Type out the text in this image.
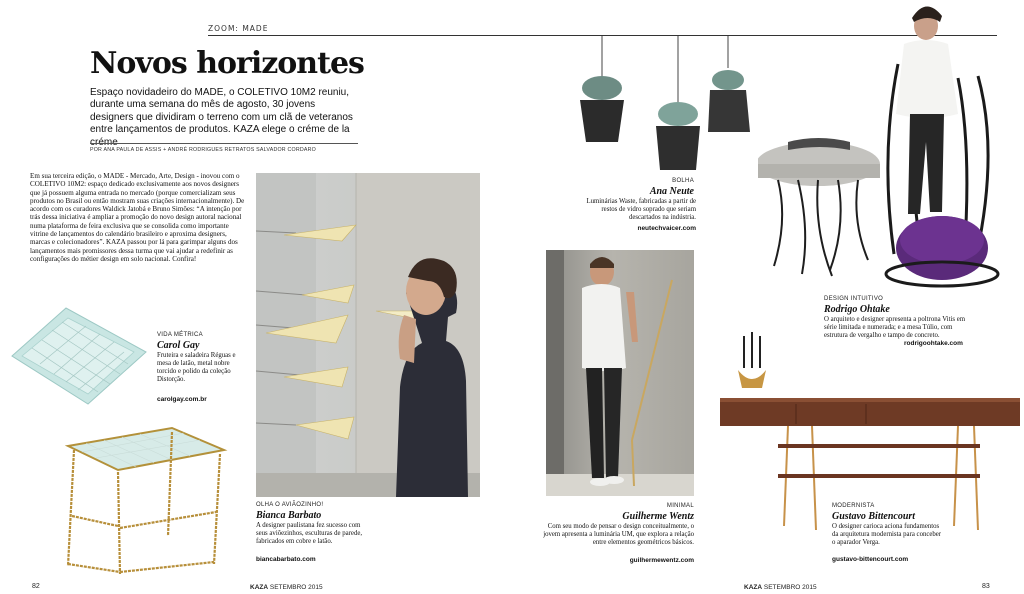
ZOOM: MADE
Novos horizontes
Espaço novidadeiro do MADE, o COLETIVO 10M2 reuniu, durante uma semana do mês de agosto, 30 jovens designers que dividiram o terreno com um clã de veteranos entre lançamentos de produtos. KAZA elege o créme de la
POR ANA PAULA DE ASSIS + ANDRÉ RODRIGUES RETRATOS SALVADOR CORDARO
Em sua terceira edição, o MADE - Mercado, Arte, Design - inovou com o COLETIVO 10M2: espaço dedicado exclusivamente aos novos designers que já possuem alguma entrada no mercado (porque comercializam seus produtos no Brasil ou então mostram suas criações internacionalmente). De acordo com os curadores Waldick Jatobá e Bruno Simões: “A intenção por trás dessa iniciativa é ampliar a promoção do novo design autoral nacional numa plataforma de feira exclusiva que se consolida como importante vitrine de lançamentos do calendário brasileiro e aproxima designers, marcas e colecionadores”. KAZA passou por lá para garimpar alguns dos lançamentos mais promissores dessa turma que vai ajudar a redefinir as configurações do métier design em solo nacional. Confira!
VIDA MÉTRICA
Carol Gay
Fruteira e saladeira Réguas e mesa de latão, metal nobre torcido e polido da coleção Distorção.
carolgay.com.br
OLHA O AVIÃOZINHO!
Bianca Barbato
A designer paulistana fez sucesso com seus aviõezinhos, esculturas de parede, fabricados em cobre e latão.
biancabarbato.com
82	KAZA SETEMBRO 2015
BOLHA
Ana Neute
Luminárias Waste, fabricadas a partir de restos de vidro soprado que seriam descartados na indústria.
neutechvaicer.com
MINIMAL
Guilherme Wentz
Com seu modo de pensar o design conceitualmente, o jovem apresenta a luminária UM, que explora a relação entre elementos geométricos básicos.
guilhermewentz.com
DESIGN INTUITIVO
Rodrigo Ohtake
O arquiteto e designer apresenta a poltrona Vitis em série limitada e numerada; e a mesa Túlio, com estrutura de vergalho e tampo de concreto.
rodrigoohtake.com
MODERNISTA
Gustavo Bittencourt
O designer carioca aciona fundamentos da arquitetura modernista para conceber o aparador Verga.
gustavo-bittencourt.com
KAZA SETEMBRO 2015	83
